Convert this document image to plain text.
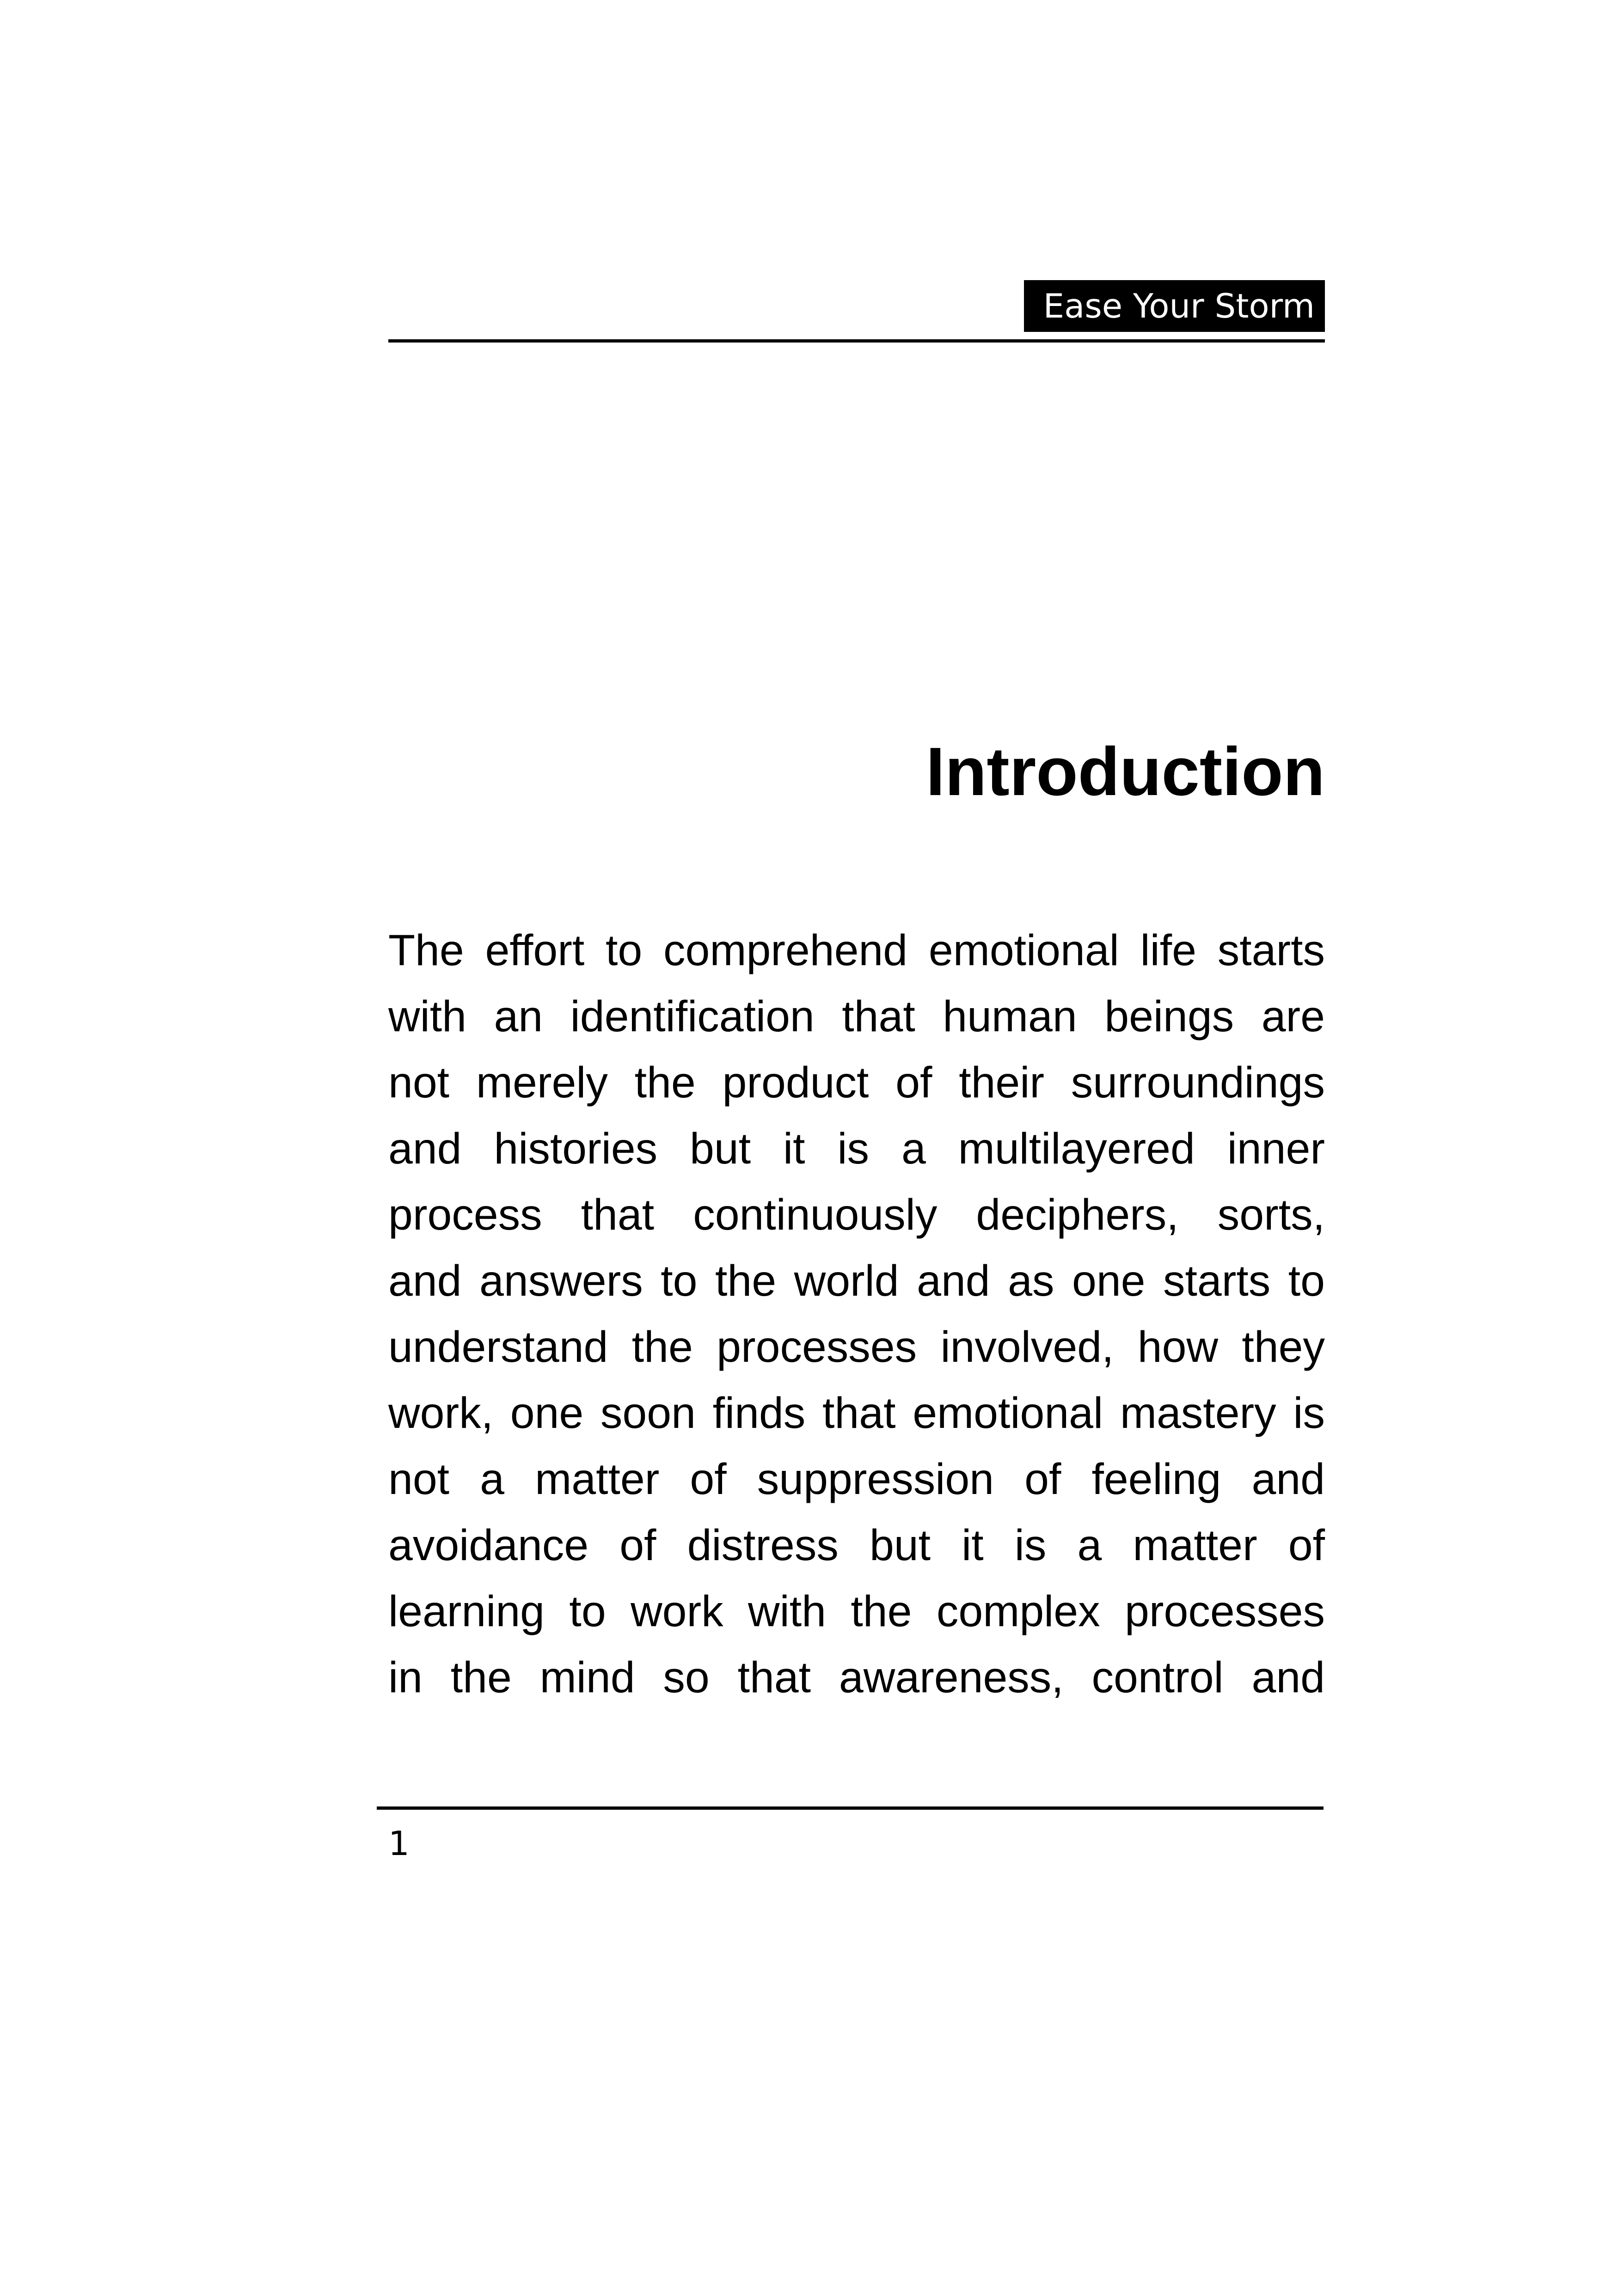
Ease Your Storm
Introduction
The effort to comprehend emotional life starts
with an identification that human beings are
not merely the product of their surroundings
and histories but it is a multilayered inner
process that continuously deciphers, sorts,
and answers to the world and as one starts to
understand the processes involved, how they
work, one soon finds that emotional mastery is
not a matter of suppression of feeling and
avoidance of distress but it is a matter of
learning to work with the complex processes
in the mind so that awareness, control and
1
